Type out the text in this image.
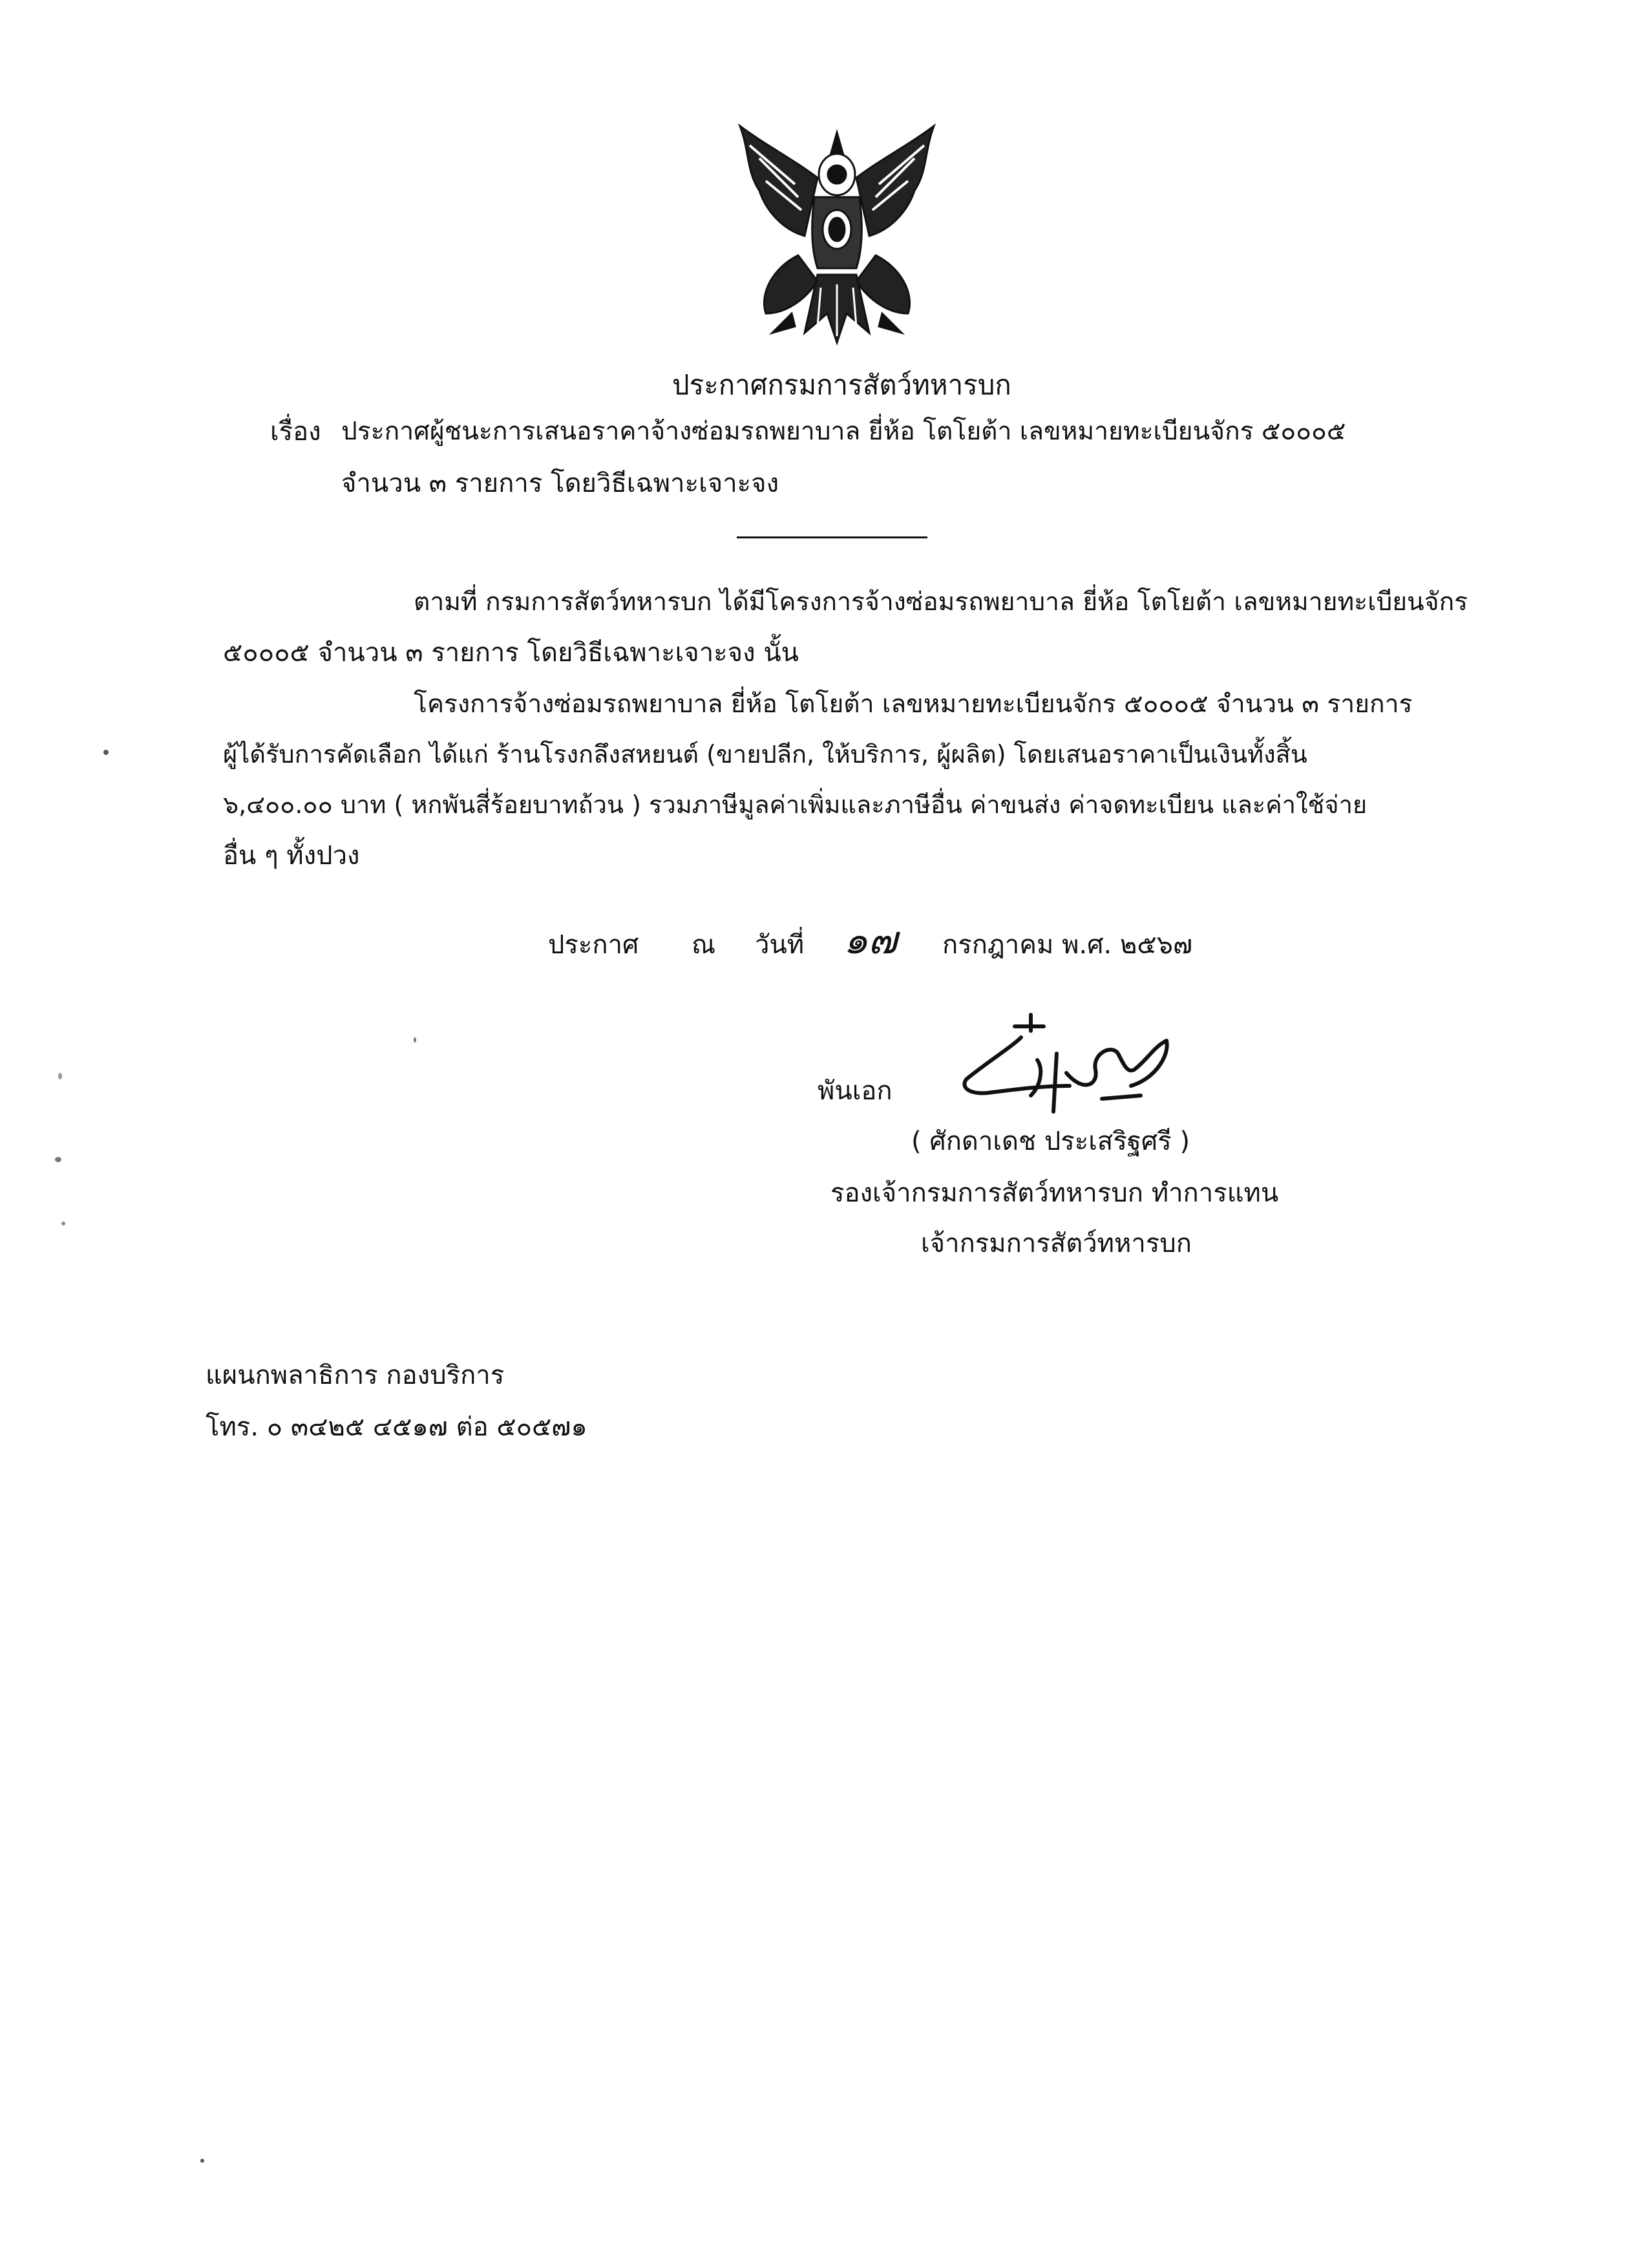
ประกาศกรมการสัตว์ทหารบก
เรื่อง ประกาศผู้ชนะการเสนอราคาจ้างซ่อมรถพยาบาล ยี่ห้อ โตโยต้า เลขหมายทะเบียนจักร ๕๐๐๐๕
จำนวน ๓ รายการ โดยวิธีเฉพาะเจาะจง
ตามที่ กรมการสัตว์ทหารบก ได้มีโครงการจ้างซ่อมรถพยาบาล ยี่ห้อ โตโยต้า เลขหมายทะเบียนจักร
๕๐๐๐๕ จำนวน ๓ รายการ โดยวิธีเฉพาะเจาะจง นั้น
โครงการจ้างซ่อมรถพยาบาล ยี่ห้อ โตโยต้า เลขหมายทะเบียนจักร ๕๐๐๐๕ จำนวน ๓ รายการ
ผู้ได้รับการคัดเลือก ได้แก่ ร้านโรงกลึงสหยนต์ (ขายปลีก, ให้บริการ, ผู้ผลิต) โดยเสนอราคาเป็นเงินทั้งสิ้น
๖,๔๐๐.๐๐ บาท ( หกพันสี่ร้อยบาทถ้วน ) รวมภาษีมูลค่าเพิ่มและภาษีอื่น ค่าขนส่ง ค่าจดทะเบียน และค่าใช้จ่าย
อื่น ๆ ทั้งปวง
ประกาศ ณ วันที่ ๑๗ กรกฎาคม พ.ศ. ๒๕๖๗
พันเอก
( ศักดาเดช ประเสริฐศรี )
รองเจ้ากรมการสัตว์ทหารบก ทำการแทน
เจ้ากรมการสัตว์ทหารบก
แผนกพลาธิการ กองบริการ
โทร. ๐ ๓๔๒๕ ๔๕๑๗ ต่อ ๕๐๕๗๑
